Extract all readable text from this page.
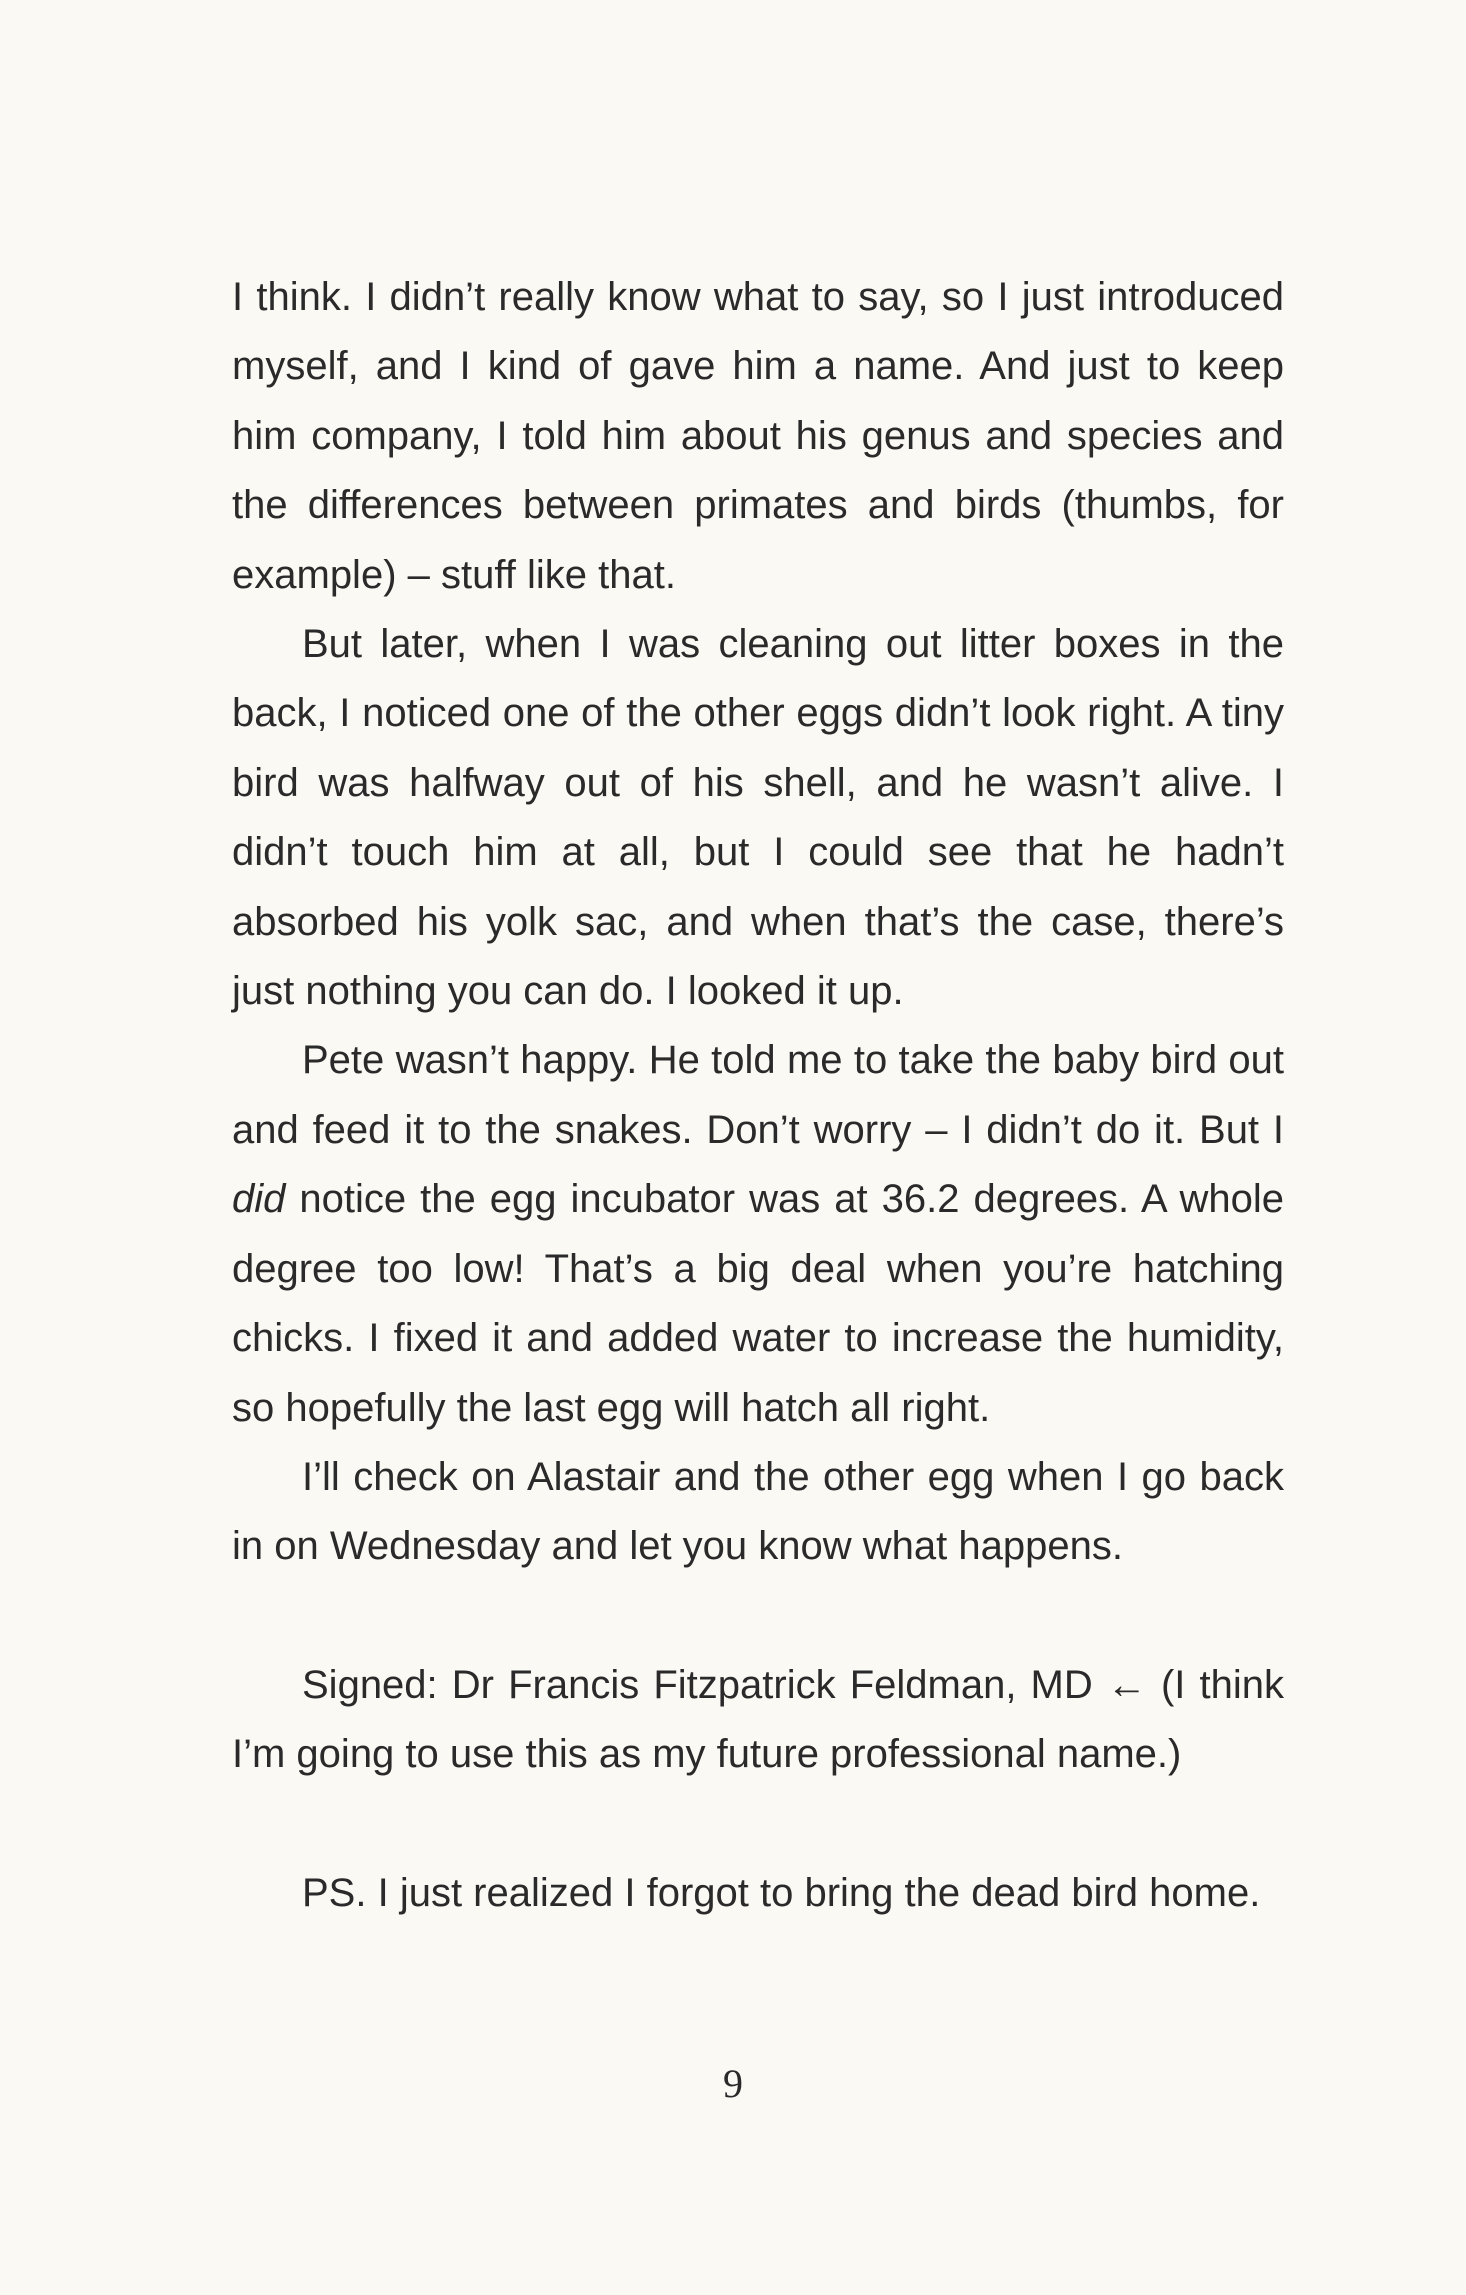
I think. I didn’t really know what to say, so I just introduced myself, and I kind of gave him a name. And just to keep him company, I told him about his genus and species and the differences between primates and birds (thumbs, for example) – stuff like that.

But later, when I was cleaning out litter boxes in the back, I noticed one of the other eggs didn’t look right. A tiny bird was halfway out of his shell, and he wasn’t alive. I didn’t touch him at all, but I could see that he hadn’t absorbed his yolk sac, and when that’s the case, there’s just nothing you can do. I looked it up.

Pete wasn’t happy. He told me to take the baby bird out and feed it to the snakes. Don’t worry – I didn’t do it. But I did notice the egg incubator was at 36.2 degrees. A whole degree too low! That’s a big deal when you’re hatching chicks. I fixed it and added water to increase the humidity, so hopefully the last egg will hatch all right.

I’ll check on Alastair and the other egg when I go back in on Wednesday and let you know what happens.

Signed: Dr Francis Fitzpatrick Feldman, MD ← (I think I’m going to use this as my future professional name.)

PS. I just realized I forgot to bring the dead bird home.

9
